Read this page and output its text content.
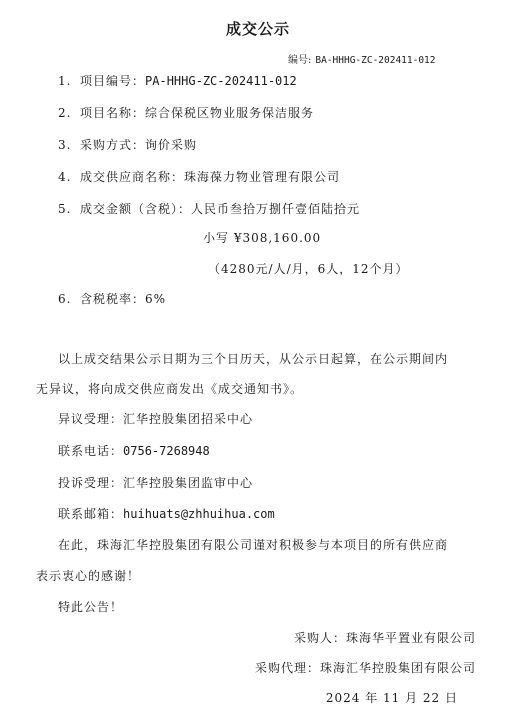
成交公示
编号: BA-HHHG-ZC-202411-012
1. 项目编号：PA-HHHG-ZC-202411-012
2. 项目名称：综合保税区物业服务保洁服务
3. 采购方式：询价采购
4. 成交供应商名称：珠海葆力物业管理有限公司
5. 成交金额（含税）：人民币叁拾万捌仟壹佰陆拾元
小写 ¥308,160.00
（4280元/人/月，6人，12个月）
6. 含税税率：6%
以上成交结果公示日期为三个日历天，从公示日起算，在公示期间内
无异议，将向成交供应商发出《成交通知书》。
异议受理：汇华控股集团招采中心
联系电话：0756-7268948
投诉受理：汇华控股集团监审中心
联系邮箱：huihuats@zhhuihua.com
在此，珠海汇华控股集团有限公司谨对积极参与本项目的所有供应商
表示衷心的感谢！
特此公告！
采购人：珠海华平置业有限公司
采购代理：珠海汇华控股集团有限公司
2024 年 11 月 22 日
